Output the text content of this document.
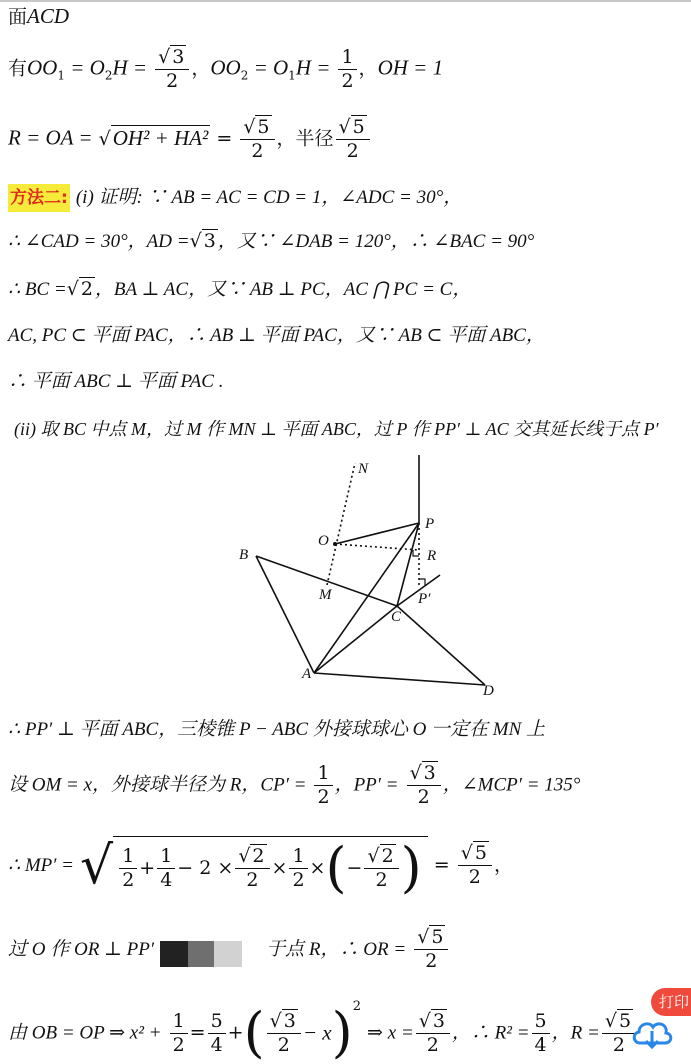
面ACD
有$OO_1 = O_2H = \frac{√ 3}{2}$ ，$OO_2 = O_1H = \frac{1}{2}$ ，OH = 1
R = OA = $√OH^2 + HA^2 = \frac{√ 5}{2}$ ，半径 $\frac{√ 5}{2}$
方法二: (i) 证明: ∵ AB = AC = CD = 1，∠ADC = 30°，
∴ ∠CAD = 30°，AD =√ 3 ，又∵ ∠DAB = 120°，∴ ∠BAC = 90°
∴ BC =√ 2 ，BA ⊥ AC，又∵ AB ⊥ PC，AC ⋂ PC = C，
AC, PC ⊂ 平面 PAC，∴ AB ⊥ 平面 PAC，又∵ AB ⊂ 平面 ABC，
∴ 平面 ABC ⊥ 平面 PAC .
(ii) 取 BC 中点 M，过 M 作 MN ⊥ 平面 ABC，过 P 作 PP′ ⊥ AC 交其延长线于点 P′
N
P
O
R
B
M
C
P′
A
D
∴ PP′ ⊥ 平面 ABC，三棱锥 P − ABC 外接球球心 O 一定在 MN 上
设 OM = x，外接球半径为 R，$CP' = \frac{1}{2}$ ，$PP' = \frac{√ 3}{2}$ ，∠MCP′ = 135°
∴ MP′ = √ $\frac{1}{2} + \frac{1}{4} - 2 \times \frac{√ 2}{2} \times \frac{1}{2}$ × ( − $\frac{√ 2}{2}$ ) = $\frac{√ 5}{2}$ ，
过 O 作 OR ⊥ PP′	于点 R，∴ OR = $\frac{√ 5}{2}$
由 OB = OP ⇒ $x^2 + \frac{1}{2} = \frac{5}{4}$ +( $\frac{√ 3}{2} - x)^2$ ⇒ $x = \frac{√ 3}{2}$ ，∴ $R^2 = \frac{5}{4}$ ，$R = \frac{√ 5}{2}$
打印
